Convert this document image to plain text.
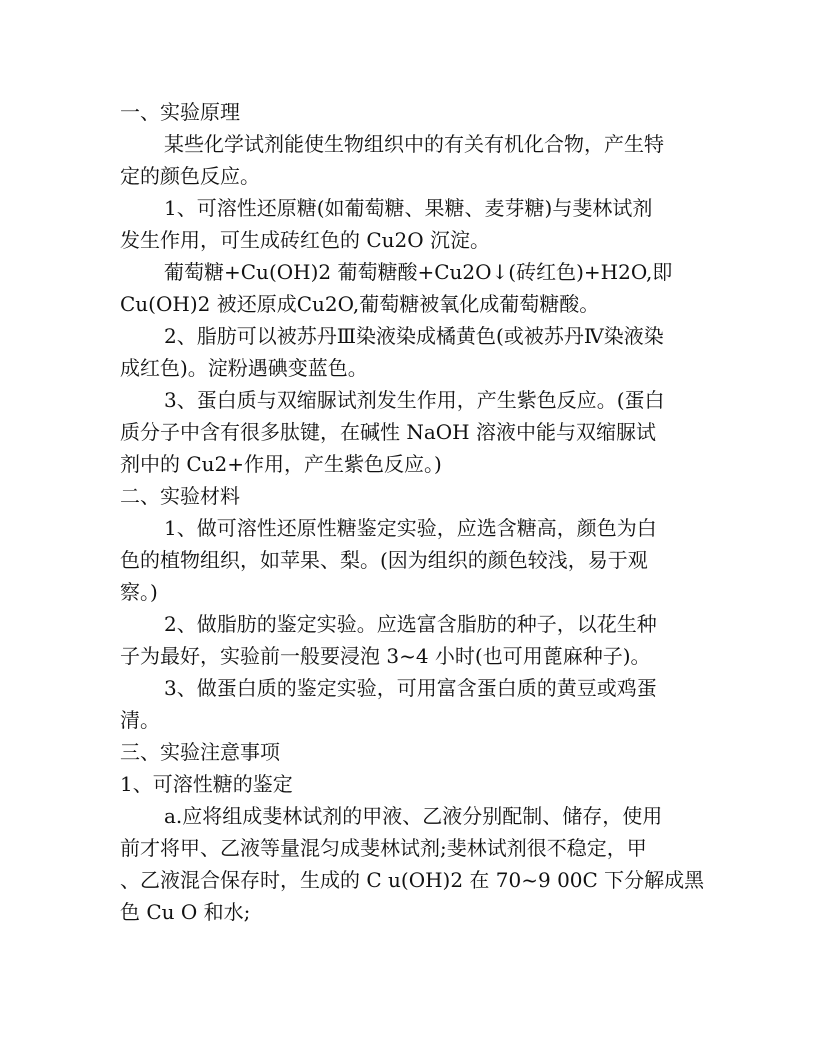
一、实验原理
某些化学试剂能使生物组织中的有关有机化合物，产生特
定的颜色反应。
1、可溶性还原糖(如葡萄糖、果糖、麦芽糖)与斐林试剂
发生作用，可生成砖红色的 Cu2O 沉淀。
葡萄糖+Cu(OH)2 葡萄糖酸+Cu2O↓(砖红色)+H2O,即
Cu(OH)2 被还原成Cu2O,葡萄糖被氧化成葡萄糖酸。
2、脂肪可以被苏丹Ⅲ染液染成橘黄色(或被苏丹Ⅳ染液染
成红色)。淀粉遇碘变蓝色。
3、蛋白质与双缩脲试剂发生作用，产生紫色反应。(蛋白
质分子中含有很多肽键，在碱性 NaOH 溶液中能与双缩脲试
剂中的 Cu2+作用，产生紫色反应。)
二、实验材料
1、做可溶性还原性糖鉴定实验，应选含糖高，颜色为白
色的植物组织，如苹果、梨。(因为组织的颜色较浅，易于观
察。)
2、做脂肪的鉴定实验。应选富含脂肪的种子，以花生种
子为最好，实验前一般要浸泡 3~4 小时(也可用蓖麻种子)。
3、做蛋白质的鉴定实验，可用富含蛋白质的黄豆或鸡蛋
清。
三、实验注意事项
1、可溶性糖的鉴定
a.应将组成斐林试剂的甲液、乙液分别配制、储存，使用
前才将甲、乙液等量混匀成斐林试剂;斐林试剂很不稳定，甲
、乙液混合保存时，生成的 C u(OH)2 在 70~9 00C 下分解成黑
色 Cu O 和水;
